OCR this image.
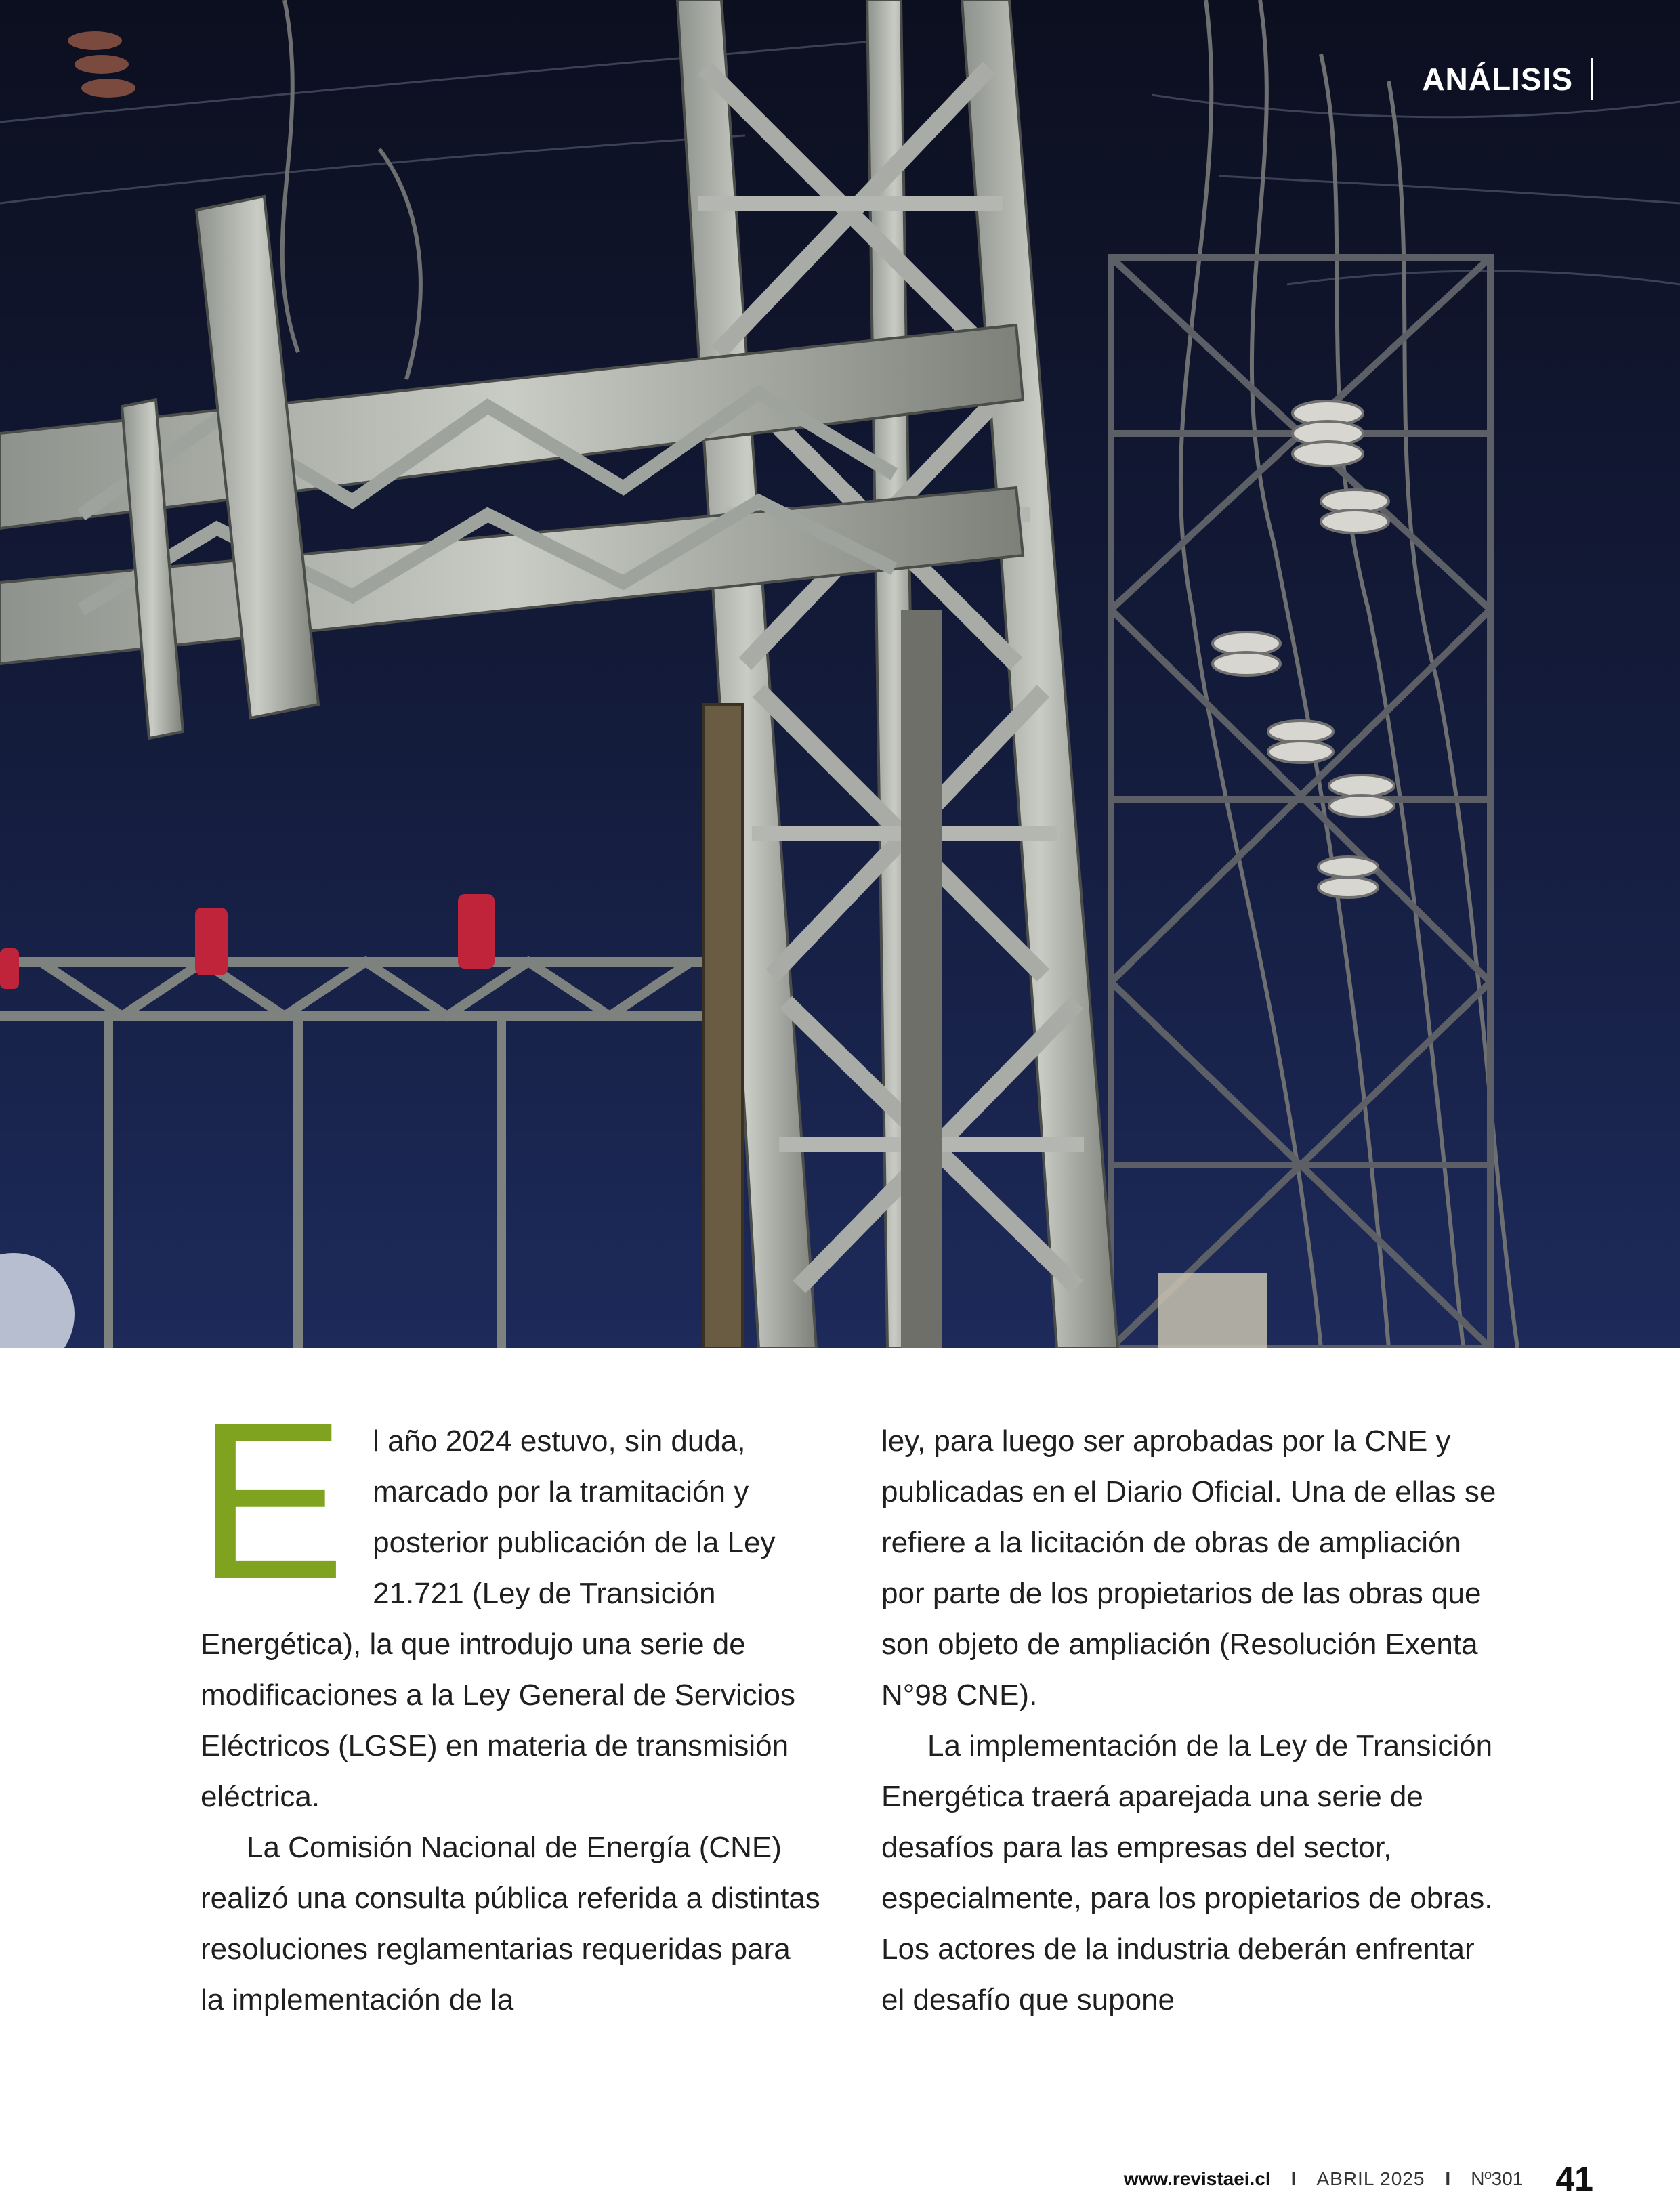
ANÁLISIS

E l año 2024 estuvo, sin duda, marcado por la tramitación y posterior publicación de la Ley 21.721 (Ley de Transición Energética), la que introdujo una serie de modificaciones a la Ley General de Servicios Eléctricos (LGSE) en materia de transmisión eléctrica.

La Comisión Nacional de Energía (CNE) realizó una consulta pública referida a distintas resoluciones reglamentarias requeridas para la implementación de la

ley, para luego ser aprobadas por la CNE y publicadas en el Diario Oficial. Una de ellas se refiere a la licitación de obras de ampliación por parte de los propietarios de las obras que son objeto de ampliación (Resolución Exenta N°98 CNE).

La implementación de la Ley de Transición Energética traerá aparejada una serie de desafíos para las empresas del sector, especialmente, para los propietarios de obras. Los actores de la industria deberán enfrentar el desafío que supone

www.revistaei.cl I ABRIL 2025 I Nº301 41
